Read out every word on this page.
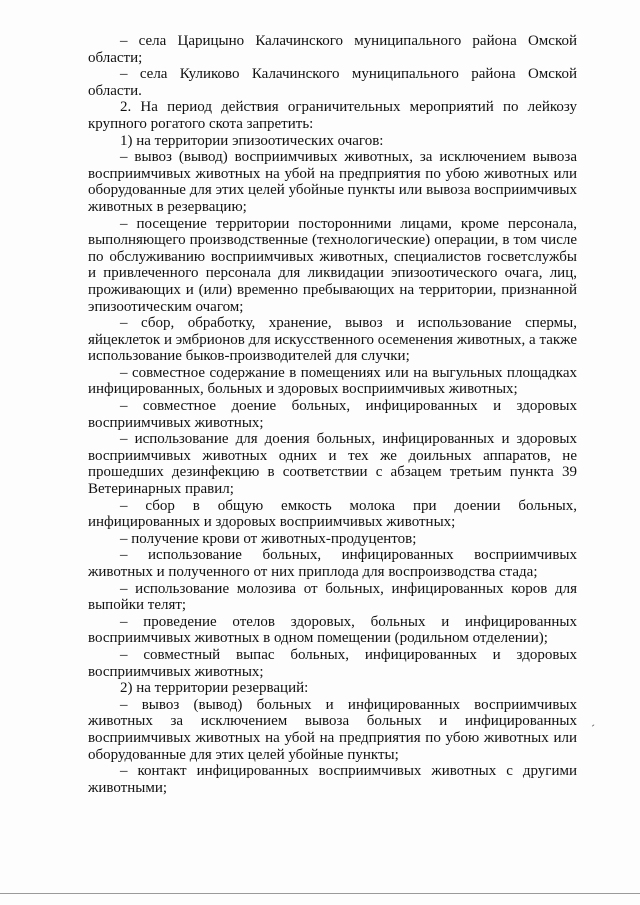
– села Царицыно Калачинского муниципального района Омской области;

– села Куликово Калачинского муниципального района Омской области.

2. На период действия ограничительных мероприятий по лейкозу крупного рогатого скота запретить:

1) на территории эпизоотических очагов:

– вывоз (вывод) восприимчивых животных, за исключением вывоза восприимчивых животных на убой на предприятия по убою животных или оборудованные для этих целей убойные пункты или вывоза восприимчивых животных в резервацию;

– посещение территории посторонними лицами, кроме персонала, выполняющего производственные (технологические) операции, в том числе по обслуживанию восприимчивых животных, специалистов госветслужбы и привлеченного персонала для ликвидации эпизоотического очага, лиц, проживающих и (или) временно пребывающих на территории, признанной эпизоотическим очагом;

– сбор, обработку, хранение, вывоз и использование спермы, яйцеклеток и эмбрионов для искусственного осеменения животных, а также использование быков-производителей для случки;

– совместное содержание в помещениях или на выгульных площадках инфицированных, больных и здоровых восприимчивых животных;

– совместное доение больных, инфицированных и здоровых восприимчивых животных;

– использование для доения больных, инфицированных и здоровых восприимчивых животных одних и тех же доильных аппаратов, не прошедших дезинфекцию в соответствии с абзацем третьим пункта 39 Ветеринарных правил;

– сбор в общую емкость молока при доении больных, инфицированных и здоровых восприимчивых животных;

– получение крови от животных-продуцентов;

– использование больных, инфицированных восприимчивых животных и полученного от них приплода для воспроизводства стада;

– использование молозива от больных, инфицированных коров для выпойки телят;

– проведение отелов здоровых, больных и инфицированных восприимчивых животных в одном помещении (родильном отделении);

– совместный выпас больных, инфицированных и здоровых восприимчивых животных;

2) на территории резерваций:

– вывоз (вывод) больных и инфицированных восприимчивых животных за исключением вывоза больных и инфицированных восприимчивых животных на убой на предприятия по убою животных или оборудованные для этих целей убойные пункты;

– контакт инфицированных восприимчивых животных с другими животными;

ˊ
